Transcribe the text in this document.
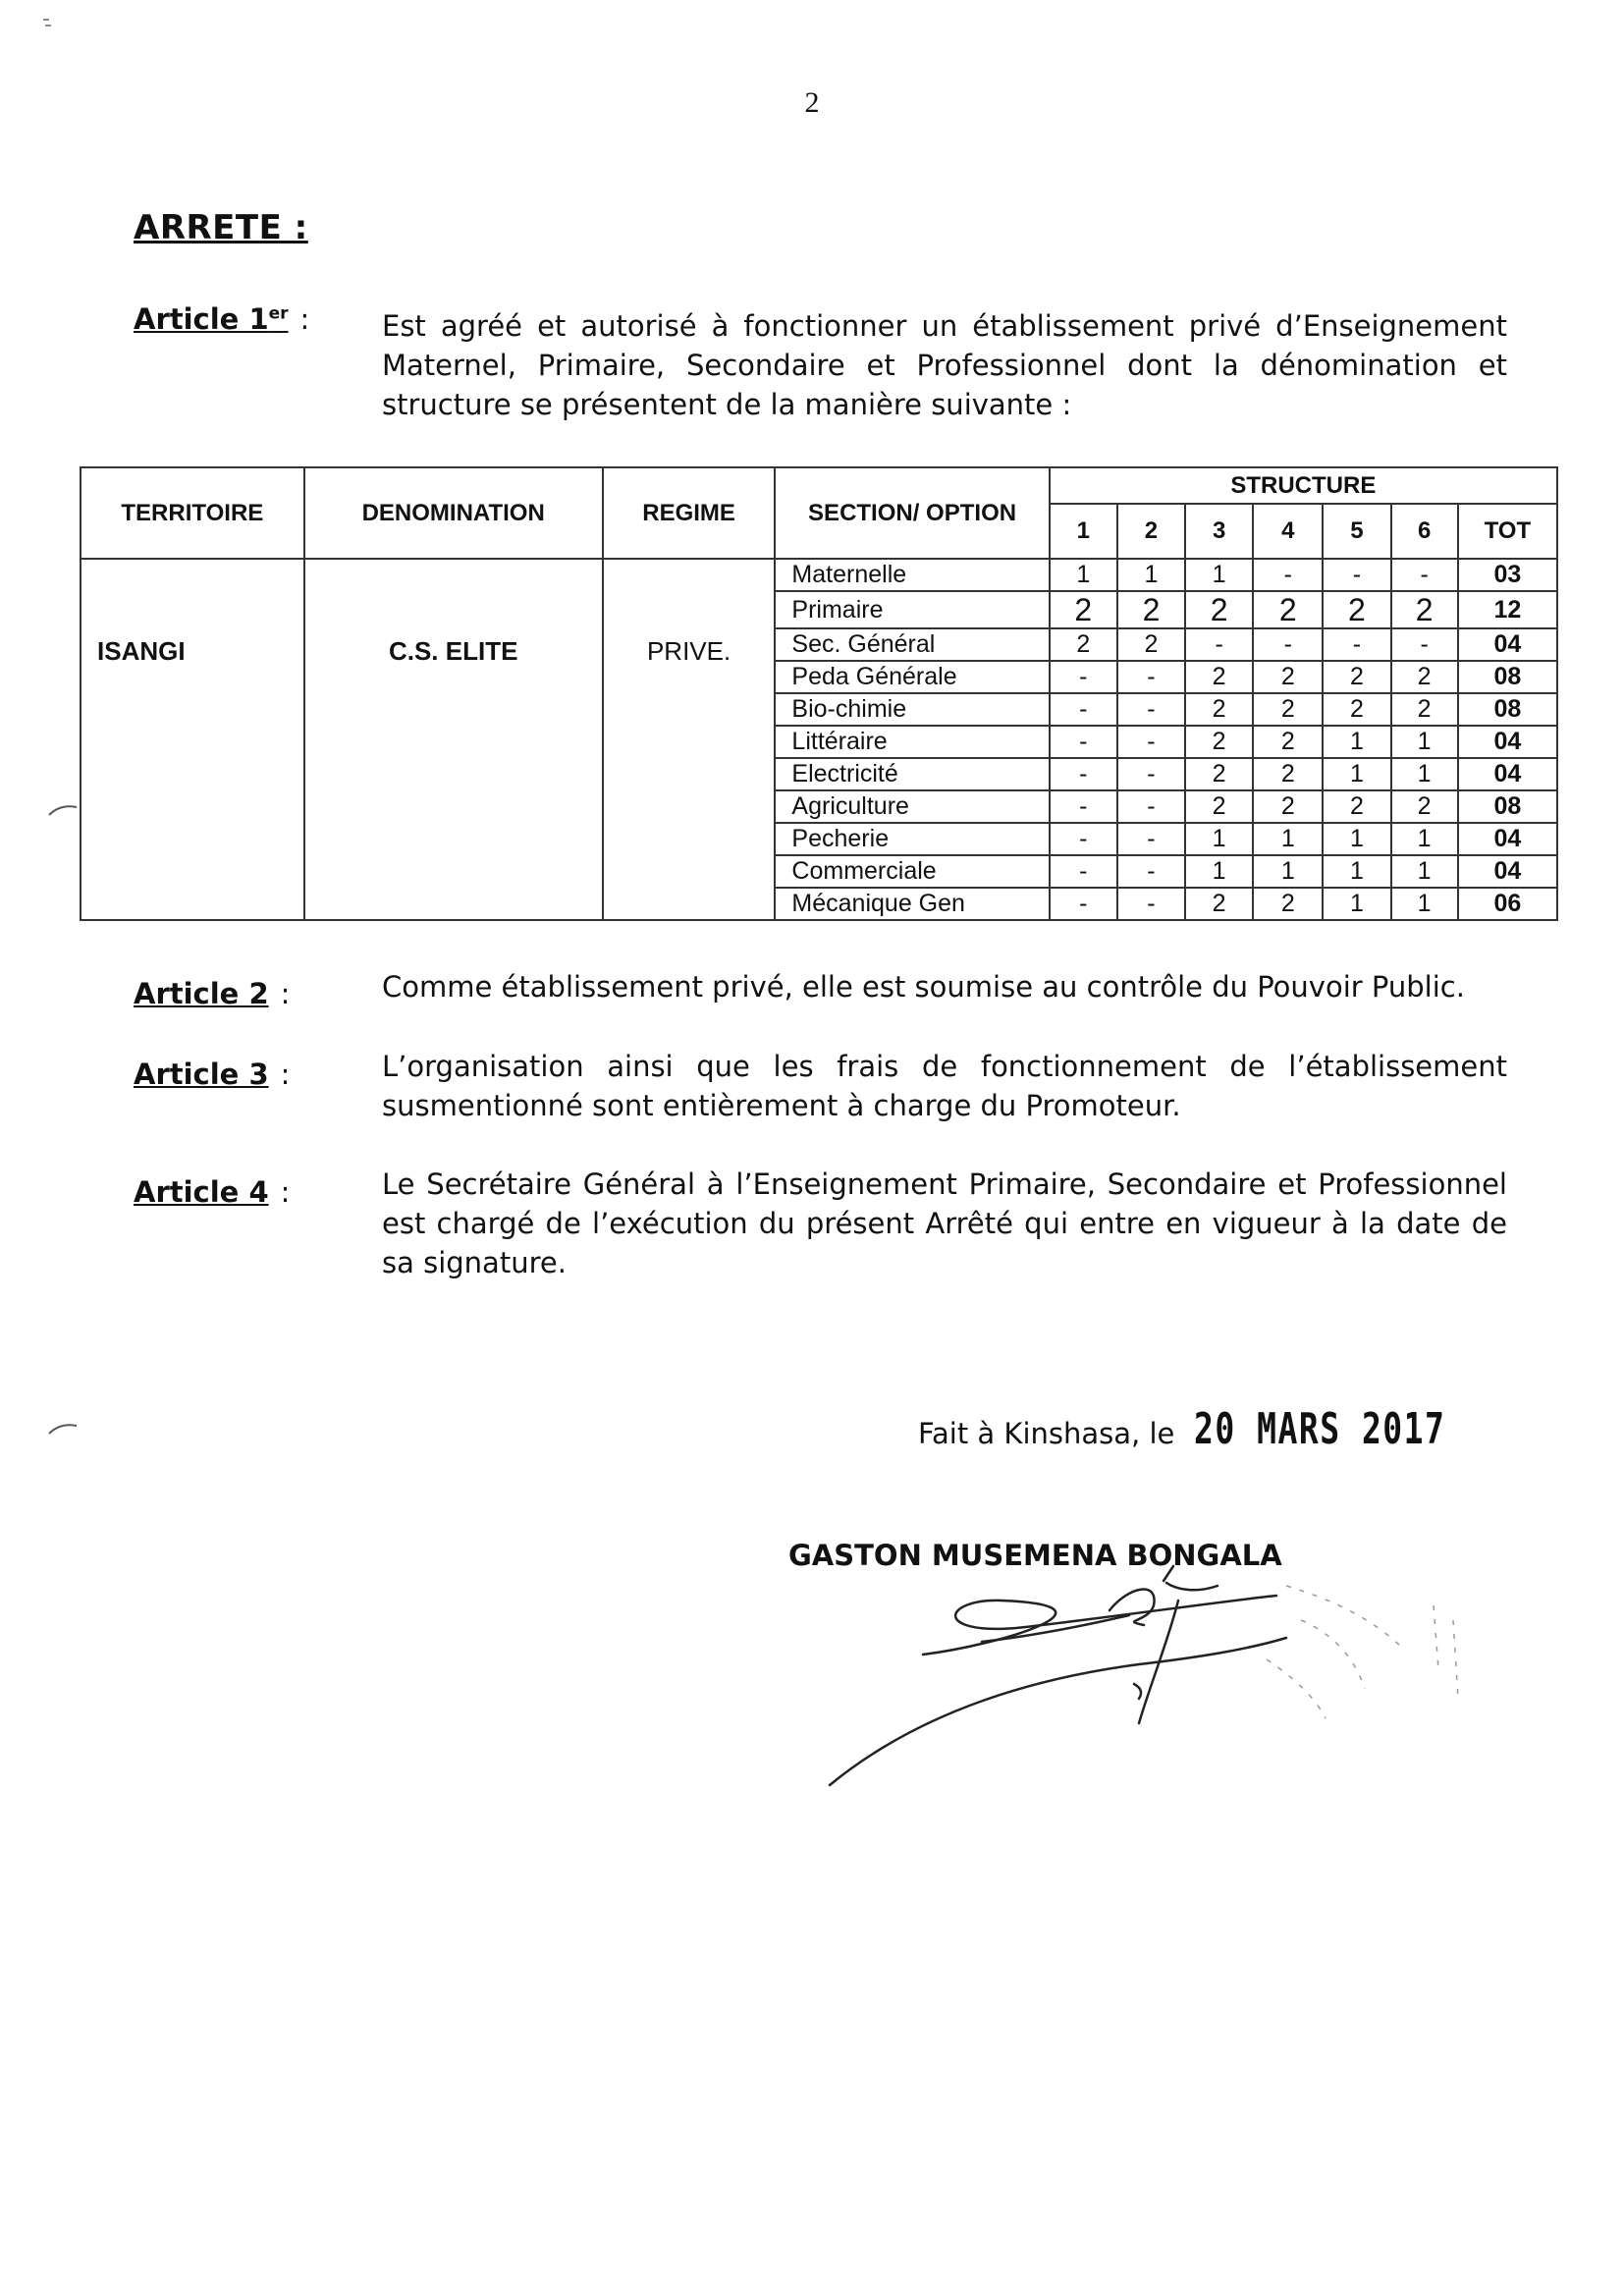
2
ARRETE :
Article 1er :	Est agréé et autorisé à fonctionner un établissement privé d’Enseignement Maternel, Primaire, Secondaire et Professionnel dont la dénomination et structure se présentent de la manière suivante :
TERRITOIRE	DENOMINATION	REGIME	SECTION/ OPTION	STRUCTURE						
				1	2	3	4	5	6	TOT
ISANGI	C.S. ELITE	PRIVE.	Maternelle	1	1	1	-	-	-	03
			Primaire	2	2	2	2	2	2	12
			Sec. Général	2	2	-	-	-	-	04
			Peda Générale	-	-	2	2	2	2	08
			Bio-chimie	-	-	2	2	2	2	08
			Littéraire	-	-	2	2	1	1	04
			Electricité	-	-	2	2	1	1	04
			Agriculture	-	-	2	2	2	2	08
			Pecherie	-	-	1	1	1	1	04
			Commerciale	-	-	1	1	1	1	04
			Mécanique Gen	-	-	2	2	1	1	06
Article 2 :	Comme établissement privé, elle est soumise au contrôle du Pouvoir Public.
Article 3 :	L’organisation ainsi que les frais de fonctionnement de l’établissement susmentionné sont entièrement à charge du Promoteur.
Article 4 :	Le Secrétaire Général à l’Enseignement Primaire, Secondaire et Professionnel est chargé de l’exécution du présent Arrêté qui entre en vigueur à la date de sa signature.
Fait à Kinshasa, le 20 MARS 2017
GASTON MUSEMENA BONGALA
